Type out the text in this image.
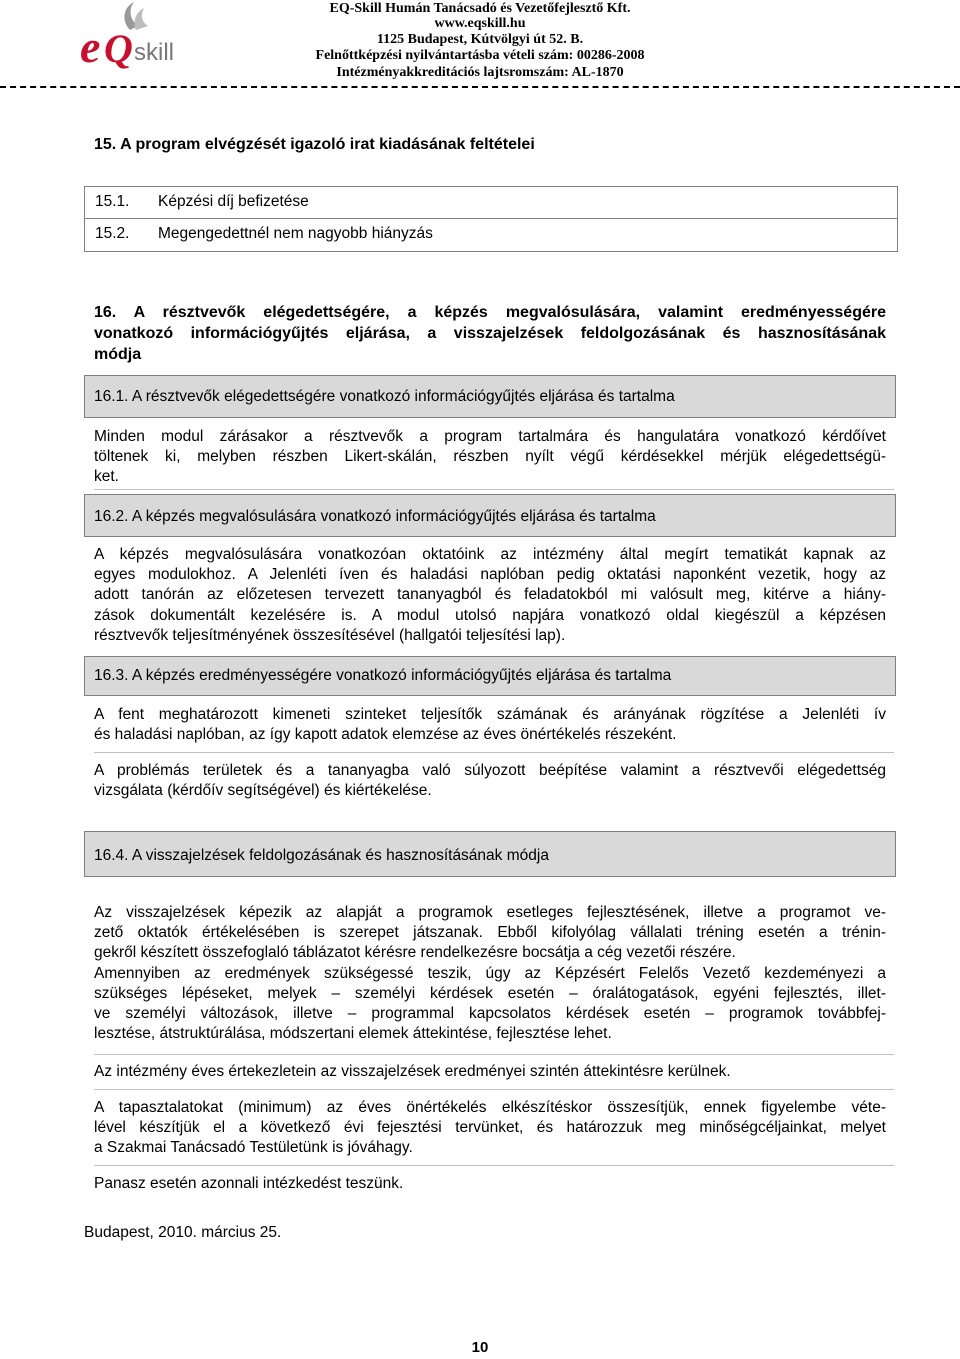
e Q skill
EQ-Skill Humán Tanácsadó és Vezetőfejlesztő Kft.
www.eqskill.hu
1125 Budapest, Kútvölgyi út 52. B.
Felnőttképzési nyilvántartásba vételi szám: 00286-2008
Intézményakkreditációs lajtsromszám: AL-1870
15. A program elvégzését igazoló irat kiadásának feltételei
15.1. Képzési díj befizetése
15.2. Megengedettnél nem nagyobb hiányzás
16. A résztvevők elégedettségére, a képzés megvalósulására, valamint eredményességére
vonatkozó információgyűjtés eljárása, a visszajelzések feldolgozásának és hasznosításának
módja
16.1. A résztvevők elégedettségére vonatkozó információgyűjtés eljárása és tartalma
Minden modul zárásakor a résztvevők a program tartalmára és hangulatára vonatkozó kérdőívet
töltenek ki, melyben részben Likert-skálán, részben nyílt végű kérdésekkel mérjük elégedettségü-
ket.
16.2. A képzés megvalósulására vonatkozó információgyűjtés eljárása és tartalma
A képzés megvalósulására vonatkozóan oktatóink az intézmény által megírt tematikát kapnak az
egyes modulokhoz. A Jelenléti íven és haladási naplóban pedig oktatási naponként vezetik, hogy az
adott tanórán az előzetesen tervezett tananyagból és feladatokból mi valósult meg, kitérve a hiány-
zások dokumentált kezelésére is. A modul utolsó napjára vonatkozó oldal kiegészül a képzésen
résztvevők teljesítményének összesítésével (hallgatói teljesítési lap).
16.3. A képzés eredményességére vonatkozó információgyűjtés eljárása és tartalma
A fent meghatározott kimeneti szinteket teljesítők számának és arányának rögzítése a Jelenléti ív
és haladási naplóban, az így kapott adatok elemzése az éves önértékelés részeként.
A problémás területek és a tananyagba való súlyozott beépítése valamint a résztvevői elégedettség
vizsgálata (kérdőív segítségével) és kiértékelése.
16.4. A visszajelzések feldolgozásának és hasznosításának módja
Az visszajelzések képezik az alapját a programok esetleges fejlesztésének, illetve a programot ve-
zető oktatók értékelésében is szerepet játszanak. Ebből kifolyólag vállalati tréning esetén a trénin-
gekről készített összefoglaló táblázatot kérésre rendelkezésre bocsátja a cég vezetői részére.
Amennyiben az eredmények szükségessé teszik, úgy az Képzésért Felelős Vezető kezdeményezi a
szükséges lépéseket, melyek – személyi kérdések esetén – óralátogatások, egyéni fejlesztés, illet-
ve személyi változások, illetve – programmal kapcsolatos kérdések esetén – programok továbbfej-
lesztése, átstruktúrálása, módszertani elemek áttekintése, fejlesztése lehet.
Az intézmény éves értekezletein az visszajelzések eredményei szintén áttekintésre kerülnek.
A tapasztalatokat (minimum) az éves önértékelés elkészítéskor összesítjük, ennek figyelembe véte-
lével készítjük el a következő évi fejesztési tervünket, és határozzuk meg minőségcéljainkat, melyet
a Szakmai Tanácsadó Testületünk is jóváhagy.
Panasz esetén azonnali intézkedést teszünk.
Budapest, 2010. március 25.
10
